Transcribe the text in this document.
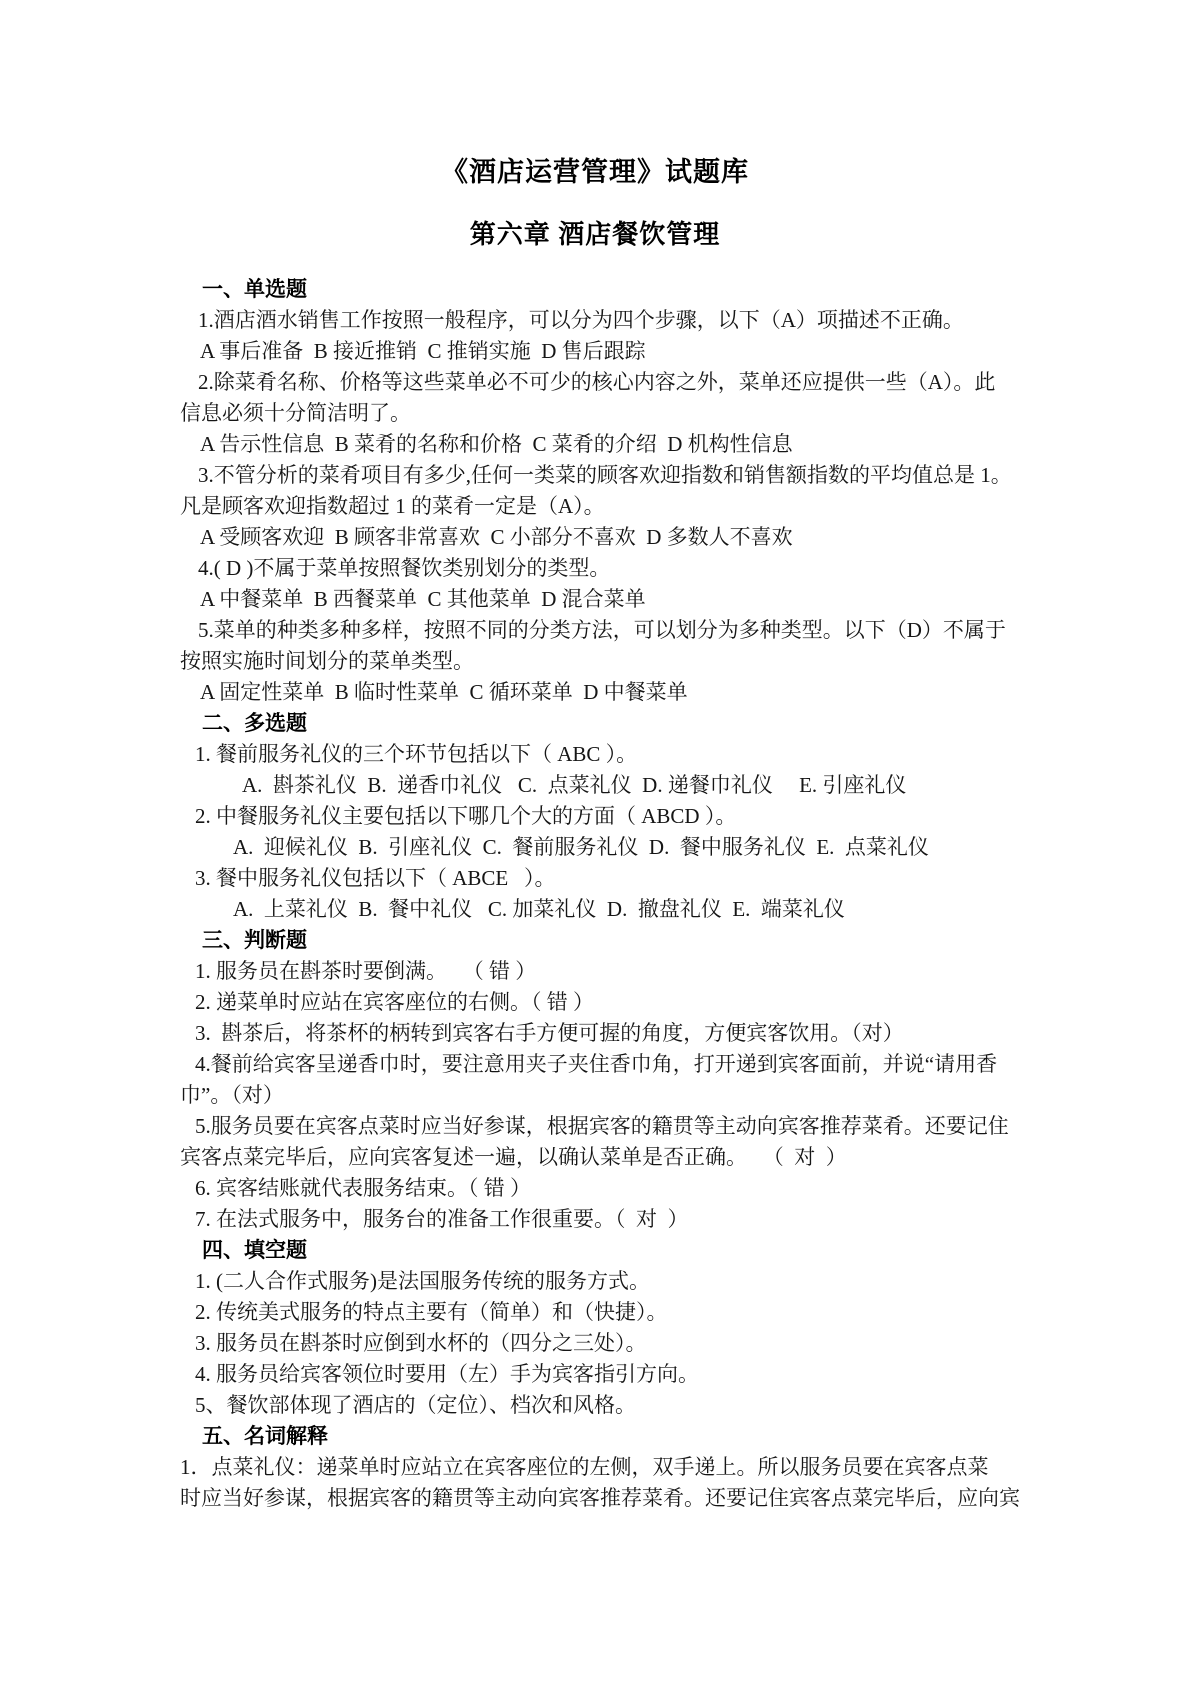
《酒店运营管理》试题库
第六章 酒店餐饮管理
一、单选题
1.酒店酒水销售工作按照一般程序，可以分为四个步骤，以下（A）项描述不正确。
A 事后准备  B 接近推销  C 推销实施  D 售后跟踪
2.除菜肴名称、价格等这些菜单必不可少的核心内容之外，菜单还应提供一些（A）。此
信息必须十分简洁明了。
A 告示性信息  B 菜肴的名称和价格  C 菜肴的介绍  D 机构性信息
3.不管分析的菜肴项目有多少,任何一类菜的顾客欢迎指数和销售额指数的平均值总是 1。
凡是顾客欢迎指数超过 1 的菜肴一定是（A）。
A 受顾客欢迎  B 顾客非常喜欢  C 小部分不喜欢  D 多数人不喜欢
4.( D )不属于菜单按照餐饮类别划分的类型。
A 中餐菜单  B 西餐菜单  C 其他菜单  D 混合菜单
5.菜单的种类多种多样，按照不同的分类方法，可以划分为多种类型。以下（D）不属于
按照实施时间划分的菜单类型。
A 固定性菜单  B 临时性菜单  C 循环菜单  D 中餐菜单
二、多选题
1. 餐前服务礼仪的三个环节包括以下（ ABC ）。
A.  斟茶礼仪  B.  递香巾礼仪   C.  点菜礼仪  D. 递餐巾礼仪     E. 引座礼仪
2. 中餐服务礼仪主要包括以下哪几个大的方面（ ABCD ）。
A.  迎候礼仪  B.  引座礼仪  C.  餐前服务礼仪  D.  餐中服务礼仪  E.  点菜礼仪
3. 餐中服务礼仪包括以下（ ABCE   ）。
A.  上菜礼仪  B.  餐中礼仪   C. 加菜礼仪  D.  撤盘礼仪  E.  端菜礼仪
三、判断题
1. 服务员在斟茶时要倒满。   （ 错 ）
2. 递菜单时应站在宾客座位的右侧。（ 错 ）
3.  斟茶后，将茶杯的柄转到宾客右手方便可握的角度，方便宾客饮用。（对）
4.餐前给宾客呈递香巾时，要注意用夹子夹住香巾角，打开递到宾客面前，并说“请用香
巾”。（对）
5.服务员要在宾客点菜时应当好参谋，根据宾客的籍贯等主动向宾客推荐菜肴。还要记住
宾客点菜完毕后，应向宾客复述一遍，以确认菜单是否正确。   （  对  ）
6. 宾客结账就代表服务结束。（ 错 ）
7. 在法式服务中，服务台的准备工作很重要。（  对  ）
四、填空题
1. (二人合作式服务)是法国服务传统的服务方式。
2. 传统美式服务的特点主要有（简单）和（快捷）。
3. 服务员在斟茶时应倒到水杯的（四分之三处）。
4. 服务员给宾客领位时要用（左）手为宾客指引方向。
5、餐饮部体现了酒店的（定位）、档次和风格。
五、名词解释
1．点菜礼仪：递菜单时应站立在宾客座位的左侧，双手递上。所以服务员要在宾客点菜
时应当好参谋，根据宾客的籍贯等主动向宾客推荐菜肴。还要记住宾客点菜完毕后，应向宾
